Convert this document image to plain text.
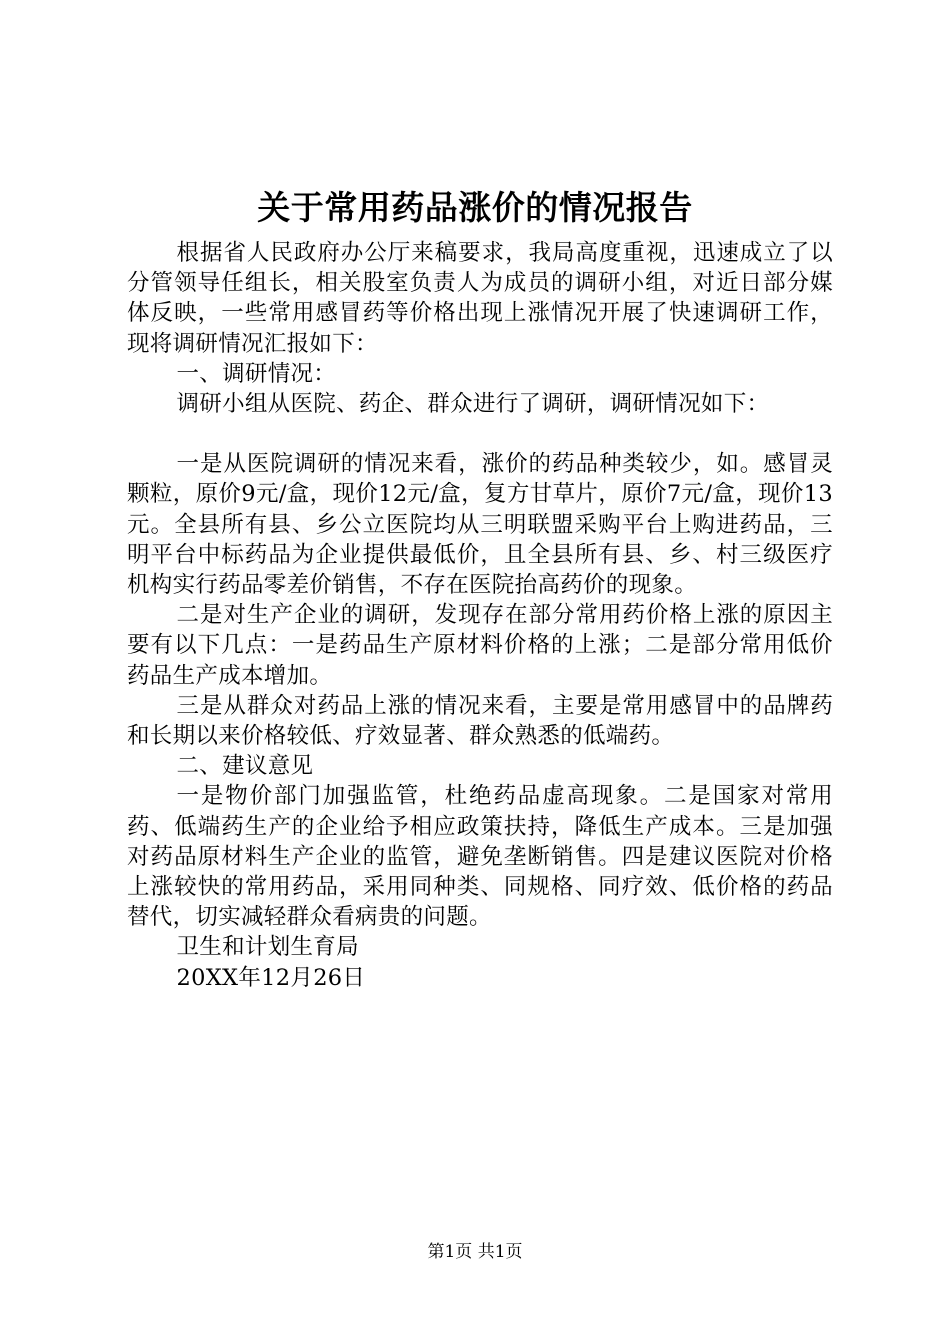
关于常用药品涨价的情况报告

根据省人民政府办公厅来稿要求，我局高度重视，迅速成立了以分管领导任组长，相关股室负责人为成员的调研小组，对近日部分媒体反映，一些常用感冒药等价格出现上涨情况开展了快速调研工作，现将调研情况汇报如下：

一、调研情况：

调研小组从医院、药企、群众进行了调研，调研情况如下：

一是从医院调研的情况来看，涨价的药品种类较少，如。感冒灵颗粒，原价9元/盒，现价12元/盒，复方甘草片，原价7元/盒，现价13元。全县所有县、乡公立医院均从三明联盟采购平台上购进药品，三明平台中标药品为企业提供最低价，且全县所有县、乡、村三级医疗机构实行药品零差价销售，不存在医院抬高药价的现象。

二是对生产企业的调研，发现存在部分常用药价格上涨的原因主要有以下几点：一是药品生产原材料价格的上涨；二是部分常用低价药品生产成本增加。

三是从群众对药品上涨的情况来看，主要是常用感冒中的品牌药和长期以来价格较低、疗效显著、群众熟悉的低端药。

二、建议意见

一是物价部门加强监管，杜绝药品虚高现象。二是国家对常用药、低端药生产的企业给予相应政策扶持，降低生产成本。三是加强对药品原材料生产企业的监管，避免垄断销售。四是建议医院对价格上涨较快的常用药品，采用同种类、同规格、同疗效、低价格的药品替代，切实减轻群众看病贵的问题。

卫生和计划生育局

20XX年12月26日

第1页 共1页
